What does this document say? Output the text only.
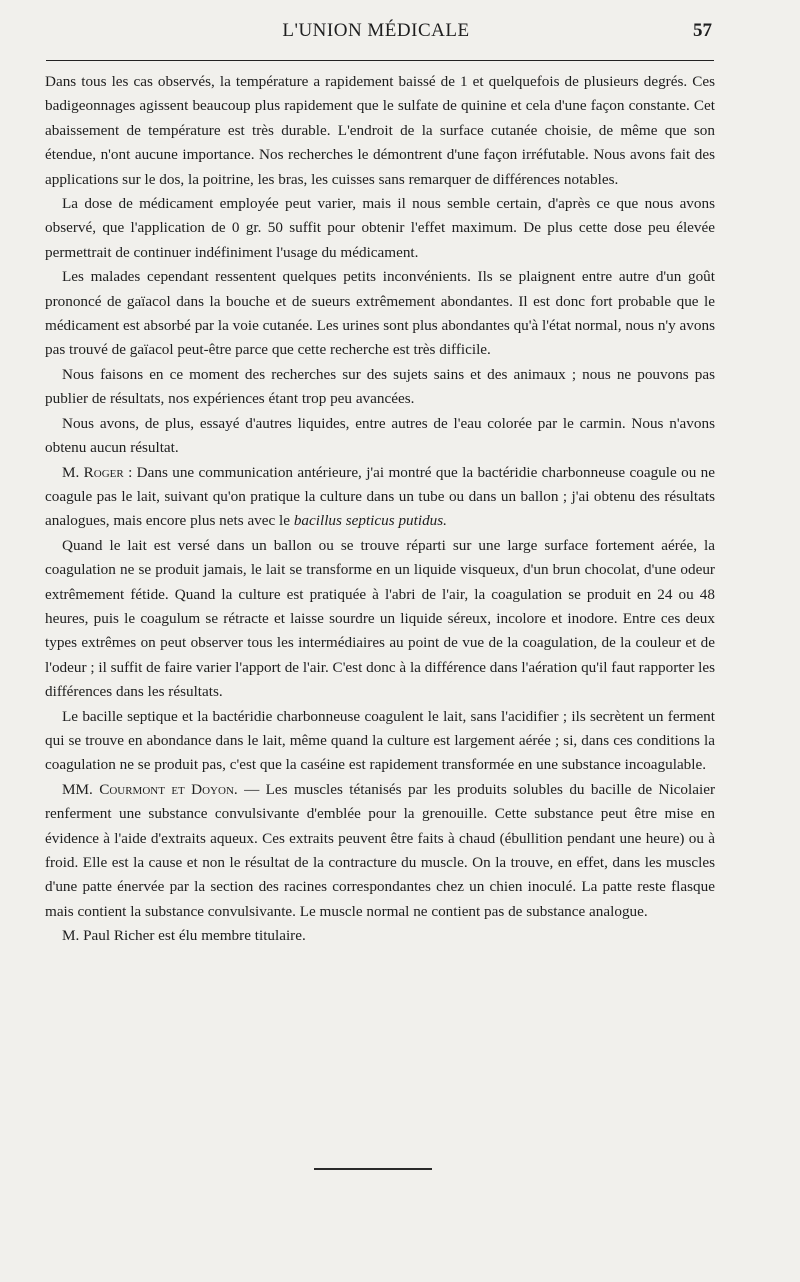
L'UNION MÉDICALE	57

Dans tous les cas observés, la température a rapidement baissé de 1 et quelquefois de plusieurs degrés. Ces badigeonnages agissent beaucoup plus rapidement que le sulfate de quinine et cela d'une façon constante. Cet abaissement de température est très durable. L'endroit de la surface cutanée choisie, de même que son étendue, n'ont aucune importance. Nos recherches le démontrent d'une façon irréfutable. Nous avons fait des applications sur le dos, la poitrine, les bras, les cuisses sans remarquer de différences notables.

La dose de médicament employée peut varier, mais il nous semble certain, d'après ce que nous avons observé, que l'application de 0 gr. 50 suffit pour obtenir l'effet maximum. De plus cette dose peu élevée permettrait de continuer indéfiniment l'usage du médicament.

Les malades cependant ressentent quelques petits inconvénients. Ils se plaignent entre autre d'un goût prononcé de gaïacol dans la bouche et de sueurs extrêmement abondantes. Il est donc fort probable que le médicament est absorbé par la voie cutanée. Les urines sont plus abondantes qu'à l'état normal, nous n'y avons pas trouvé de gaïacol peut-être parce que cette recherche est très difficile.

Nous faisons en ce moment des recherches sur des sujets sains et des animaux ; nous ne pouvons pas publier de résultats, nos expériences étant trop peu avancées.

Nous avons, de plus, essayé d'autres liquides, entre autres de l'eau colorée par le carmin. Nous n'avons obtenu aucun résultat.

M. Roger : Dans une communication antérieure, j'ai montré que la bactéridie charbonneuse coagule ou ne coagule pas le lait, suivant qu'on pratique la culture dans un tube ou dans un ballon ; j'ai obtenu des résultats analogues, mais encore plus nets avec le bacillus septicus putidus.

Quand le lait est versé dans un ballon ou se trouve réparti sur une large surface fortement aérée, la coagulation ne se produit jamais, le lait se transforme en un liquide visqueux, d'un brun chocolat, d'une odeur extrêmement fétide. Quand la culture est pratiquée à l'abri de l'air, la coagulation se produit en 24 ou 48 heures, puis le coagulum se rétracte et laisse sourdre un liquide séreux, incolore et inodore. Entre ces deux types extrêmes on peut observer tous les intermédiaires au point de vue de la coagulation, de la couleur et de l'odeur ; il suffit de faire varier l'apport de l'air. C'est donc à la différence dans l'aération qu'il faut rapporter les différences dans les résultats.

Le bacille septique et la bactéridie charbonneuse coagulent le lait, sans l'acidifier ; ils secrètent un ferment qui se trouve en abondance dans le lait, même quand la culture est largement aérée ; si, dans ces conditions la coagulation ne se produit pas, c'est que la caséine est rapidement transformée en une substance incoagulable.

MM. Courmont et Doyon. — Les muscles tétanisés par les produits solubles du bacille de Nicolaier renferment une substance convulsivante d'emblée pour la grenouille. Cette substance peut être mise en évidence à l'aide d'extraits aqueux. Ces extraits peuvent être faits à chaud (ébullition pendant une heure) ou à froid. Elle est la cause et non le résultat de la contracture du muscle. On la trouve, en effet, dans les muscles d'une patte énervée par la section des racines correspondantes chez un chien inoculé. La patte reste flasque mais contient la substance convulsivante. Le muscle normal ne contient pas de substance analogue.

M. Paul Richer est élu membre titulaire.
